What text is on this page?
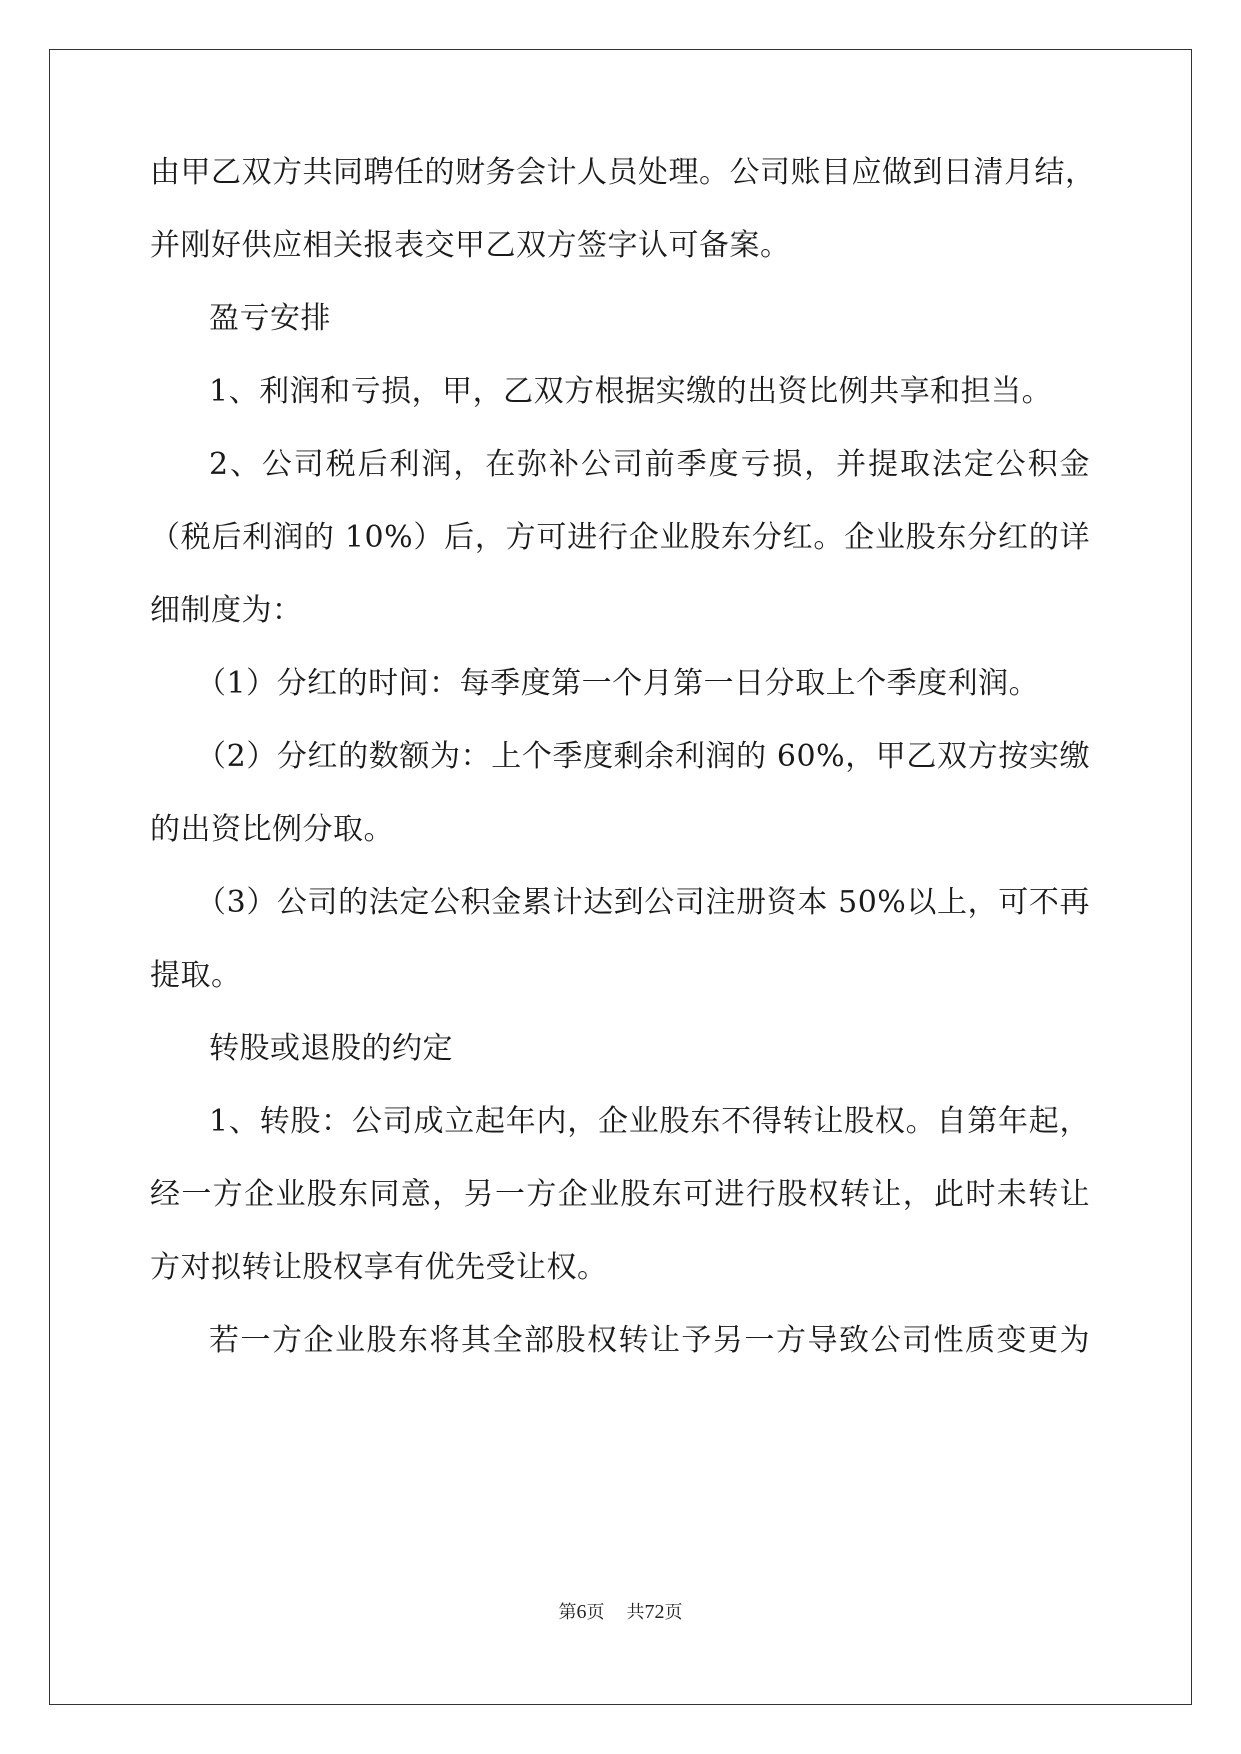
由甲乙双方共同聘任的财务会计人员处理。公司账目应做到日清月结，
并刚好供应相关报表交甲乙双方签字认可备案。
盈亏安排
1、利润和亏损，甲，乙双方根据实缴的出资比例共享和担当。
2、公司税后利润，在弥补公司前季度亏损，并提取法定公积金
（税后利润的 10%）后，方可进行企业股东分红。企业股东分红的详
细制度为：
（1）分红的时间：每季度第一个月第一日分取上个季度利润。
（2）分红的数额为：上个季度剩余利润的 60%，甲乙双方按实缴
的出资比例分取。
（3）公司的法定公积金累计达到公司注册资本 50%以上，可不再
提取。
转股或退股的约定
1、转股：公司成立起年内，企业股东不得转让股权。自第年起，
经一方企业股东同意，另一方企业股东可进行股权转让，此时未转让
方对拟转让股权享有优先受让权。
若一方企业股东将其全部股权转让予另一方导致公司性质变更为
第6页 共72页
